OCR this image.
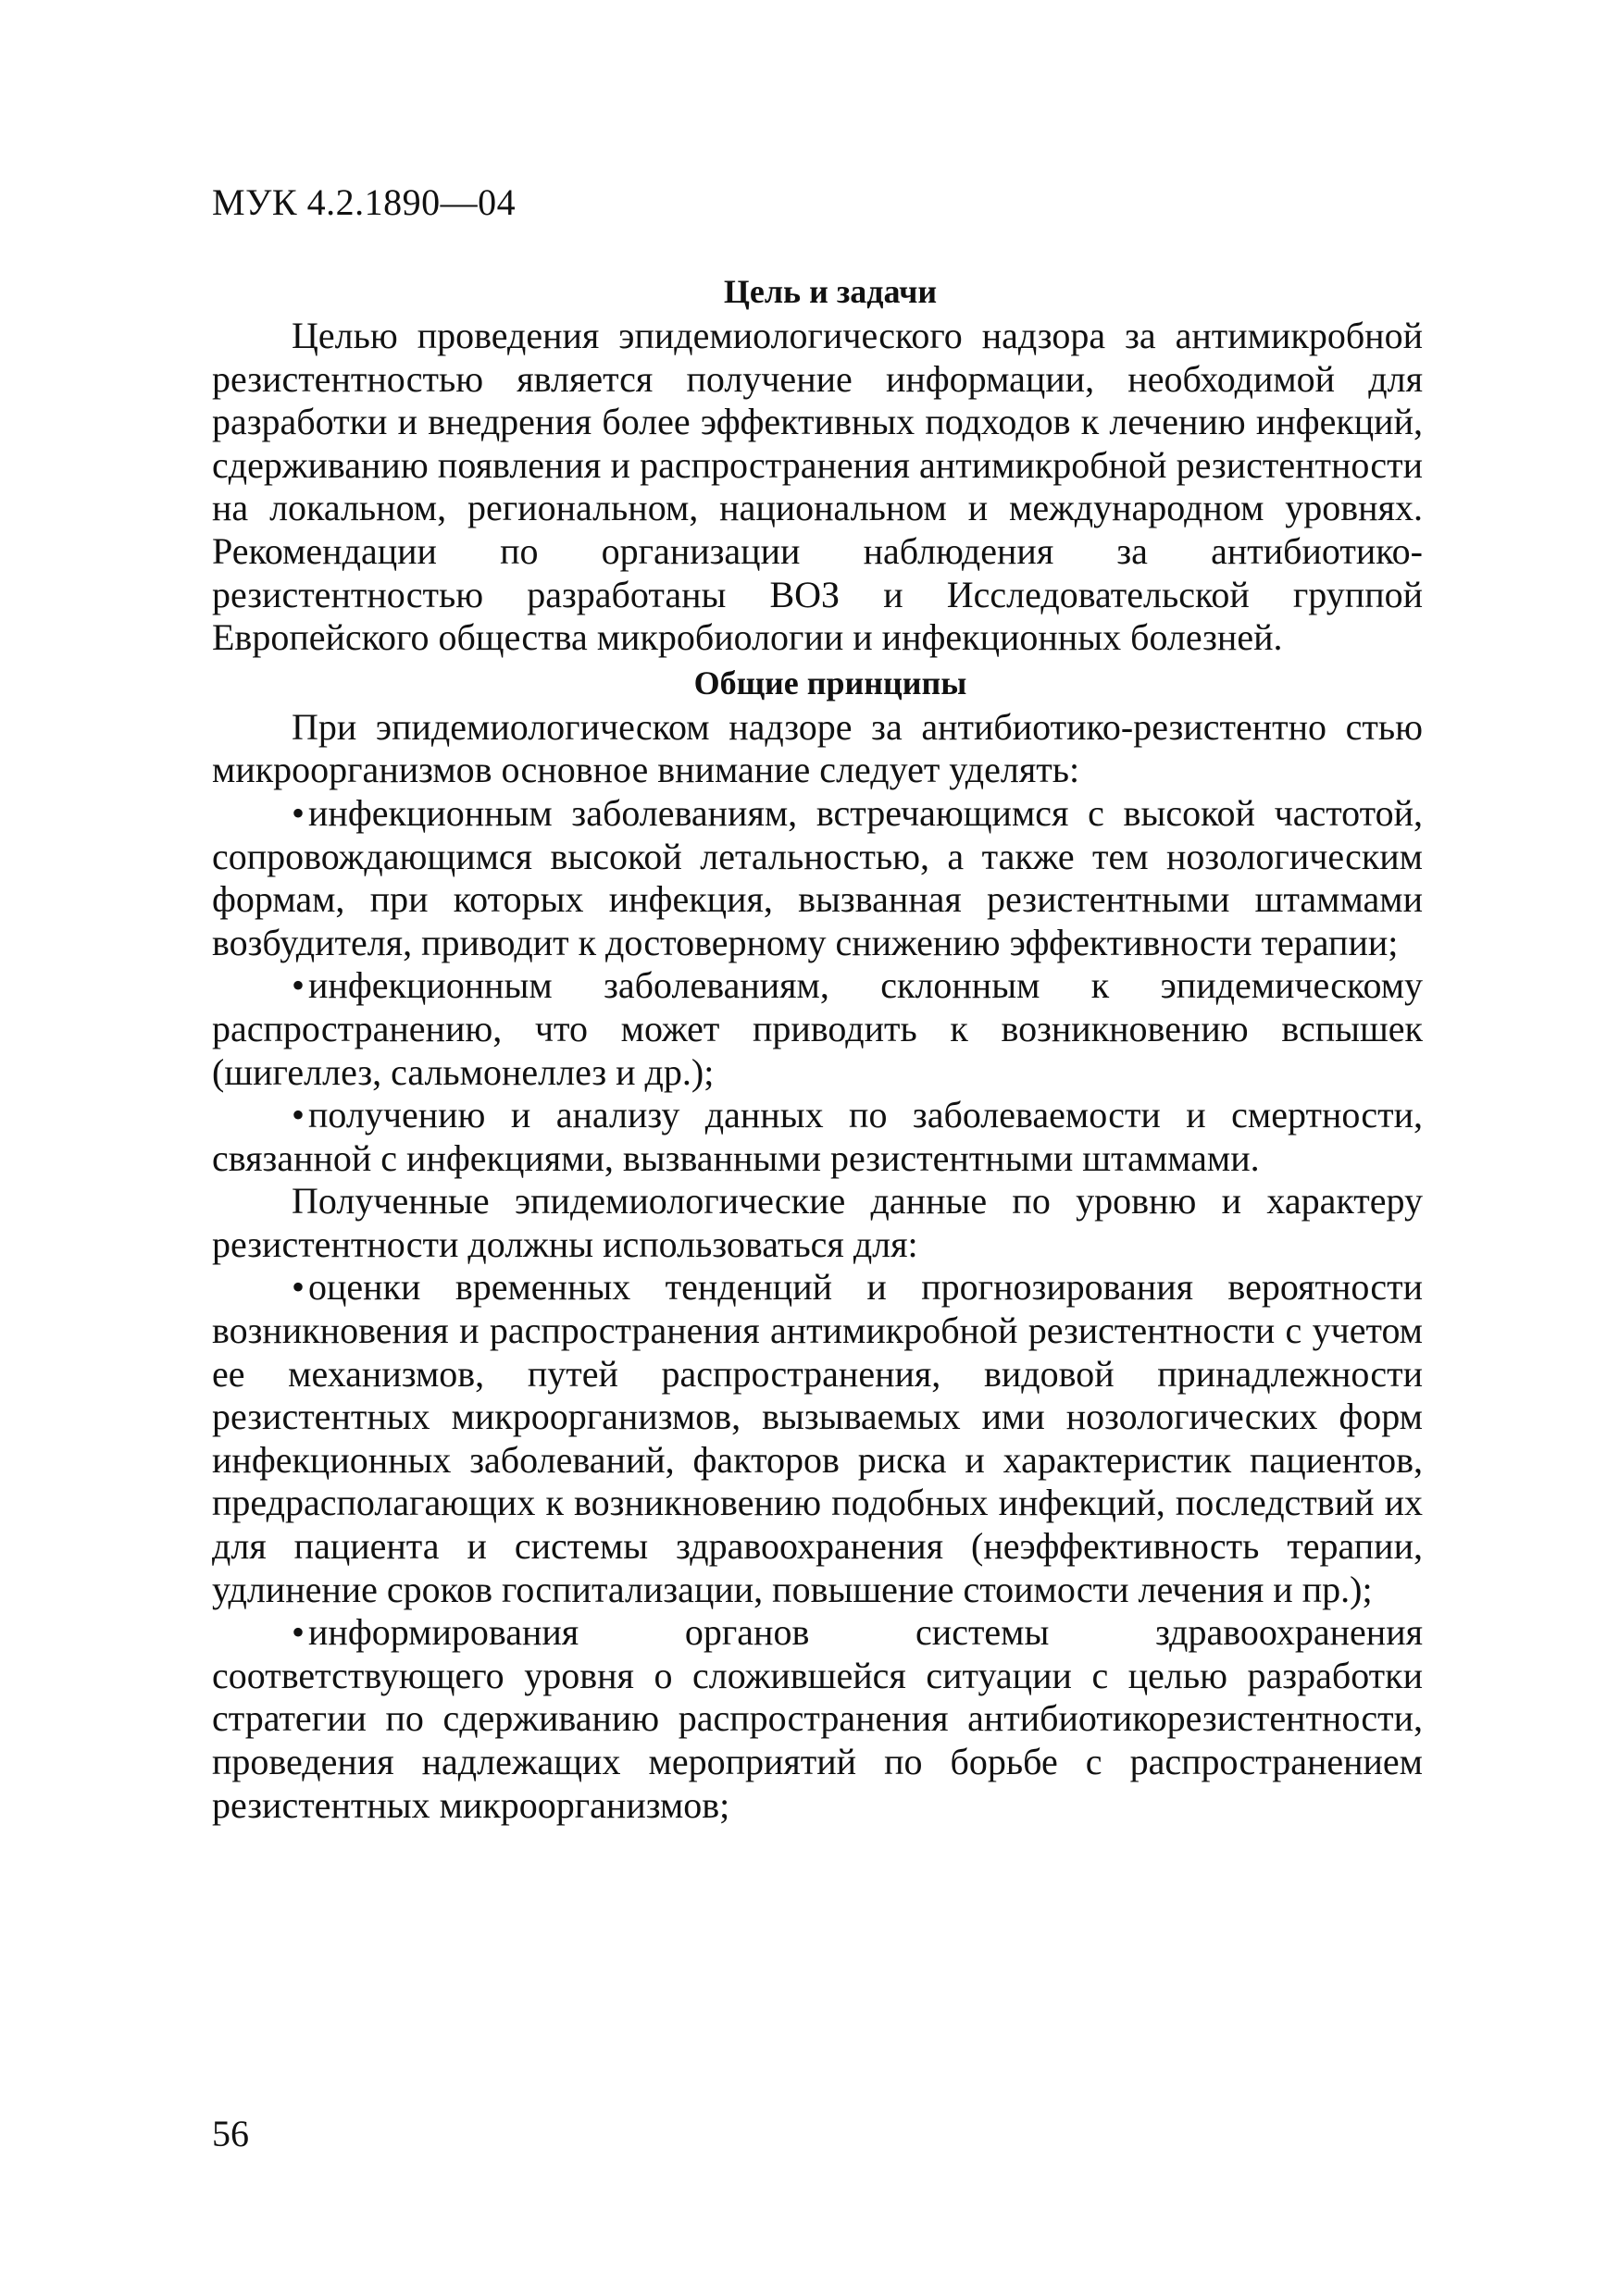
МУК 4.2.1890—04
Цель и задачи

Целью проведения эпидемиологического надзора за антимикробной резистентностью является получение информации, необходимой для разработки и внедрения более эффективных подходов к лечению инфекций, сдерживанию появления и распространения антимикробной резистентности на локальном, региональном, национальном и международном уровнях. Рекомендации по организации наблюдения за антибиотико-резистентностью разработаны ВОЗ и Исследовательской группой Европейского общества микробиологии и инфекционных болезней.

Общие принципы

При эпидемиологическом надзоре за антибиотико-резистентно стью микроорганизмов основное внимание следует уделять:

•инфекционным заболеваниям, встречающимся с высокой частотой, сопровождающимся высокой летальностью, а также тем нозологическим формам, при которых инфекция, вызванная резистентными штаммами возбудителя, приводит к достоверному снижению эффективности терапии;

•инфекционным заболеваниям, склонным к эпидемическому распространению, что может приводить к возникновению вспышек (шигеллез, сальмонеллез и др.);

•получению и анализу данных по заболеваемости и смертности, связанной с инфекциями, вызванными резистентными штаммами.

Полученные эпидемиологические данные по уровню и характеру резистентности должны использоваться для:

•оценки временных тенденций и прогнозирования вероятности возникновения и распространения антимикробной резистентности с учетом ее механизмов, путей распространения, видовой принадлежности резистентных микроорганизмов, вызываемых ими нозологических форм инфекционных заболеваний, факторов риска и характеристик пациентов, предрасполагающих к возникновению подобных инфекций, последствий их для пациента и системы здравоохранения (неэффективность терапии, удлинение сроков госпитализации, повышение стоимости лечения и пр.);

•информирования органов системы здравоохранения соответствующего уровня о сложившейся ситуации с целью разработки стратегии по сдерживанию распространения антибиотикорезистентности, проведения надлежащих мероприятий по борьбе с распространением резистентных микроорганизмов;

56
